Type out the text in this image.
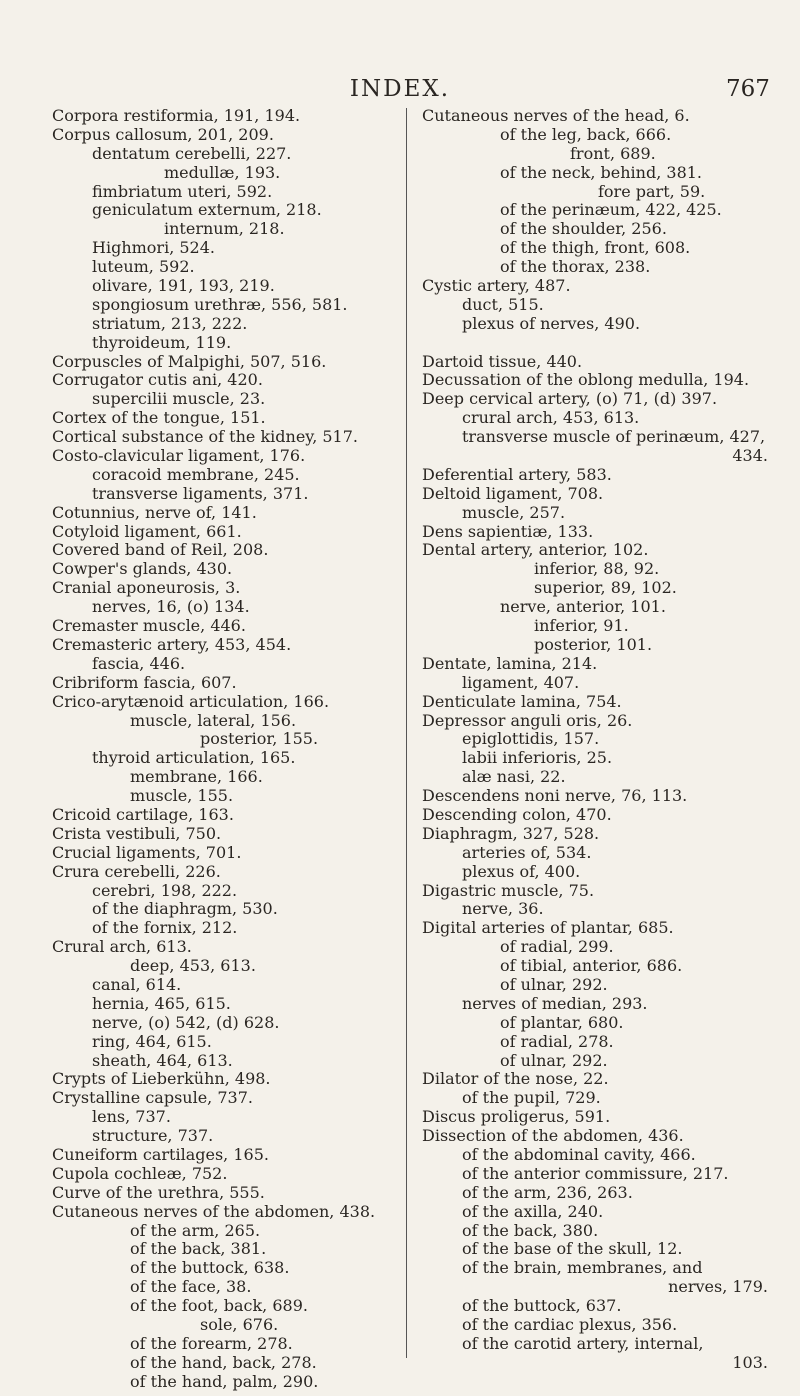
INDEX.	767
Corpora restiformia, 191, 194.
Corpus callosum, 201, 209.
dentatum cerebelli, 227.
medullæ, 193.
fimbriatum uteri, 592.
geniculatum externum, 218.
internum, 218.
Highmori, 524.
luteum, 592.
olivare, 191, 193, 219.
spongiosum urethræ, 556, 581.
striatum, 213, 222.
thyroideum, 119.
Corpuscles of Malpighi, 507, 516.
Corrugator cutis ani, 420.
supercilii muscle, 23.
Cortex of the tongue, 151.
Cortical substance of the kidney, 517.
Costo-clavicular ligament, 176.
coracoid membrane, 245.
transverse ligaments, 371.
Cotunnius, nerve of, 141.
Cotyloid ligament, 661.
Covered band of Reil, 208.
Cowper's glands, 430.
Cranial aponeurosis, 3.
nerves, 16, (o) 134.
Cremaster muscle, 446.
Cremasteric artery, 453, 454.
fascia, 446.
Cribriform fascia, 607.
Crico-arytænoid articulation, 166.
muscle, lateral, 156.
posterior, 155.
thyroid articulation, 165.
membrane, 166.
muscle, 155.
Cricoid cartilage, 163.
Crista vestibuli, 750.
Crucial ligaments, 701.
Crura cerebelli, 226.
cerebri, 198, 222.
of the diaphragm, 530.
of the fornix, 212.
Crural arch, 613.
deep, 453, 613.
canal, 614.
hernia, 465, 615.
nerve, (o) 542, (d) 628.
ring, 464, 615.
sheath, 464, 613.
Crypts of Lieberkühn, 498.
Crystalline capsule, 737.
lens, 737.
structure, 737.
Cuneiform cartilages, 165.
Cupola cochleæ, 752.
Curve of the urethra, 555.
Cutaneous nerves of the abdomen, 438.
of the arm, 265.
of the back, 381.
of the buttock, 638.
of the face, 38.
of the foot, back, 689.
sole, 676.
of the forearm, 278.
of the hand, back, 278.
of the hand, palm, 290.
Cutaneous nerves of the head, 6.
of the leg, back, 666.
front, 689.
of the neck, behind, 381.
fore part, 59.
of the perinæum, 422, 425.
of the shoulder, 256.
of the thigh, front, 608.
of the thorax, 238.
Cystic artery, 487.
duct, 515.
plexus of nerves, 490.
Dartoid tissue, 440.
Decussation of the oblong medulla, 194.
Deep cervical artery, (o) 71, (d) 397.
crural arch, 453, 613.
transverse muscle of perinæum, 427,
434.
Deferential artery, 583.
Deltoid ligament, 708.
muscle, 257.
Dens sapientiæ, 133.
Dental artery, anterior, 102.
inferior, 88, 92.
superior, 89, 102.
nerve, anterior, 101.
inferior, 91.
posterior, 101.
Dentate, lamina, 214.
ligament, 407.
Denticulate lamina, 754.
Depressor anguli oris, 26.
epiglottidis, 157.
labii inferioris, 25.
alæ nasi, 22.
Descendens noni nerve, 76, 113.
Descending colon, 470.
Diaphragm, 327, 528.
arteries of, 534.
plexus of, 400.
Digastric muscle, 75.
nerve, 36.
Digital arteries of plantar, 685.
of radial, 299.
of tibial, anterior, 686.
of ulnar, 292.
nerves of median, 293.
of plantar, 680.
of radial, 278.
of ulnar, 292.
Dilator of the nose, 22.
of the pupil, 729.
Discus proligerus, 591.
Dissection of the abdomen, 436.
of the abdominal cavity, 466.
of the anterior commissure, 217.
of the arm, 236, 263.
of the axilla, 240.
of the back, 380.
of the base of the skull, 12.
of the brain, membranes, and
nerves, 179.
of the buttock, 637.
of the cardiac plexus, 356.
of the carotid artery, internal,
103.
